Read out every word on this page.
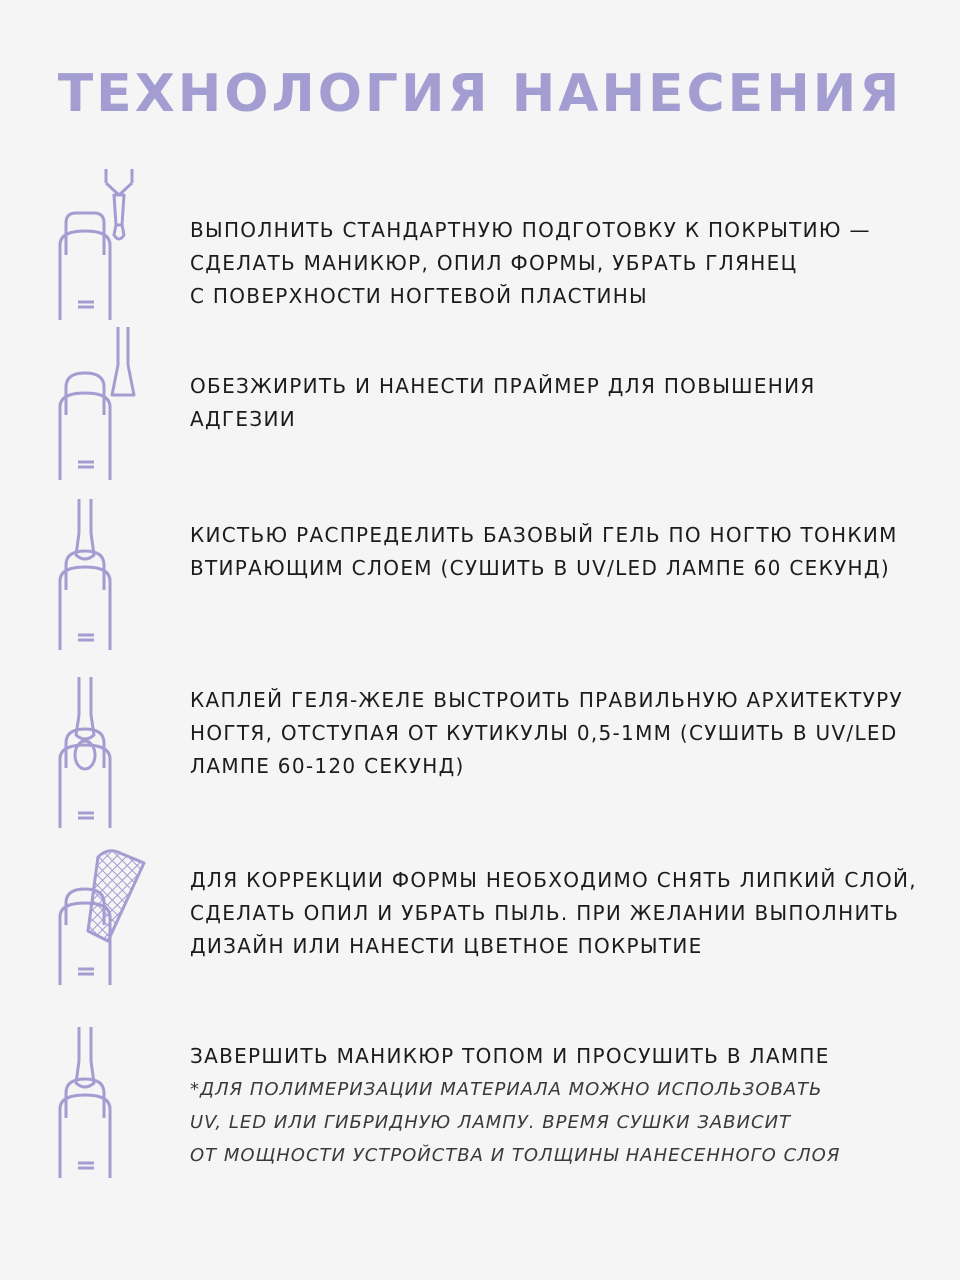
ТЕХНОЛОГИЯ НАНЕСЕНИЯ
ВЫПОЛНИТЬ СТАНДАРТНУЮ ПОДГОТОВКУ К ПОКРЫТИЮ —
СДЕЛАТЬ МАНИКЮР, ОПИЛ ФОРМЫ, УБРАТЬ ГЛЯНЕЦ
С ПОВЕРХНОСТИ НОГТЕВОЙ ПЛАСТИНЫ
ОБЕЗЖИРИТЬ И НАНЕСТИ ПРАЙМЕР ДЛЯ ПОВЫШЕНИЯ
АДГЕЗИИ
КИСТЬЮ РАСПРЕДЕЛИТЬ БАЗОВЫЙ ГЕЛЬ ПО НОГТЮ ТОНКИМ
ВТИРАЮЩИМ СЛОЕМ (СУШИТЬ В UV/LED ЛАМПЕ 60 СЕКУНД)
КАПЛЕЙ ГЕЛЯ-ЖЕЛЕ ВЫСТРОИТЬ ПРАВИЛЬНУЮ АРХИТЕКТУРУ
НОГТЯ, ОТСТУПАЯ ОТ КУТИКУЛЫ 0,5-1ММ (СУШИТЬ В UV/LED
ЛАМПЕ 60-120 СЕКУНД)
ДЛЯ КОРРЕКЦИИ ФОРМЫ НЕОБХОДИМО СНЯТЬ ЛИПКИЙ СЛОЙ,
СДЕЛАТЬ ОПИЛ И УБРАТЬ ПЫЛЬ. ПРИ ЖЕЛАНИИ ВЫПОЛНИТЬ
ДИЗАЙН ИЛИ НАНЕСТИ ЦВЕТНОЕ ПОКРЫТИЕ
ЗАВЕРШИТЬ МАНИКЮР ТОПОМ И ПРОСУШИТЬ В ЛАМПЕ
*ДЛЯ ПОЛИМЕРИЗАЦИИ МАТЕРИАЛА МОЖНО ИСПОЛЬЗОВАТЬ
UV, LED ИЛИ ГИБРИДНУЮ ЛАМПУ. ВРЕМЯ СУШКИ ЗАВИСИТ
ОТ МОЩНОСТИ УСТРОЙСТВА И ТОЛЩИНЫ НАНЕСЕННОГО СЛОЯ
